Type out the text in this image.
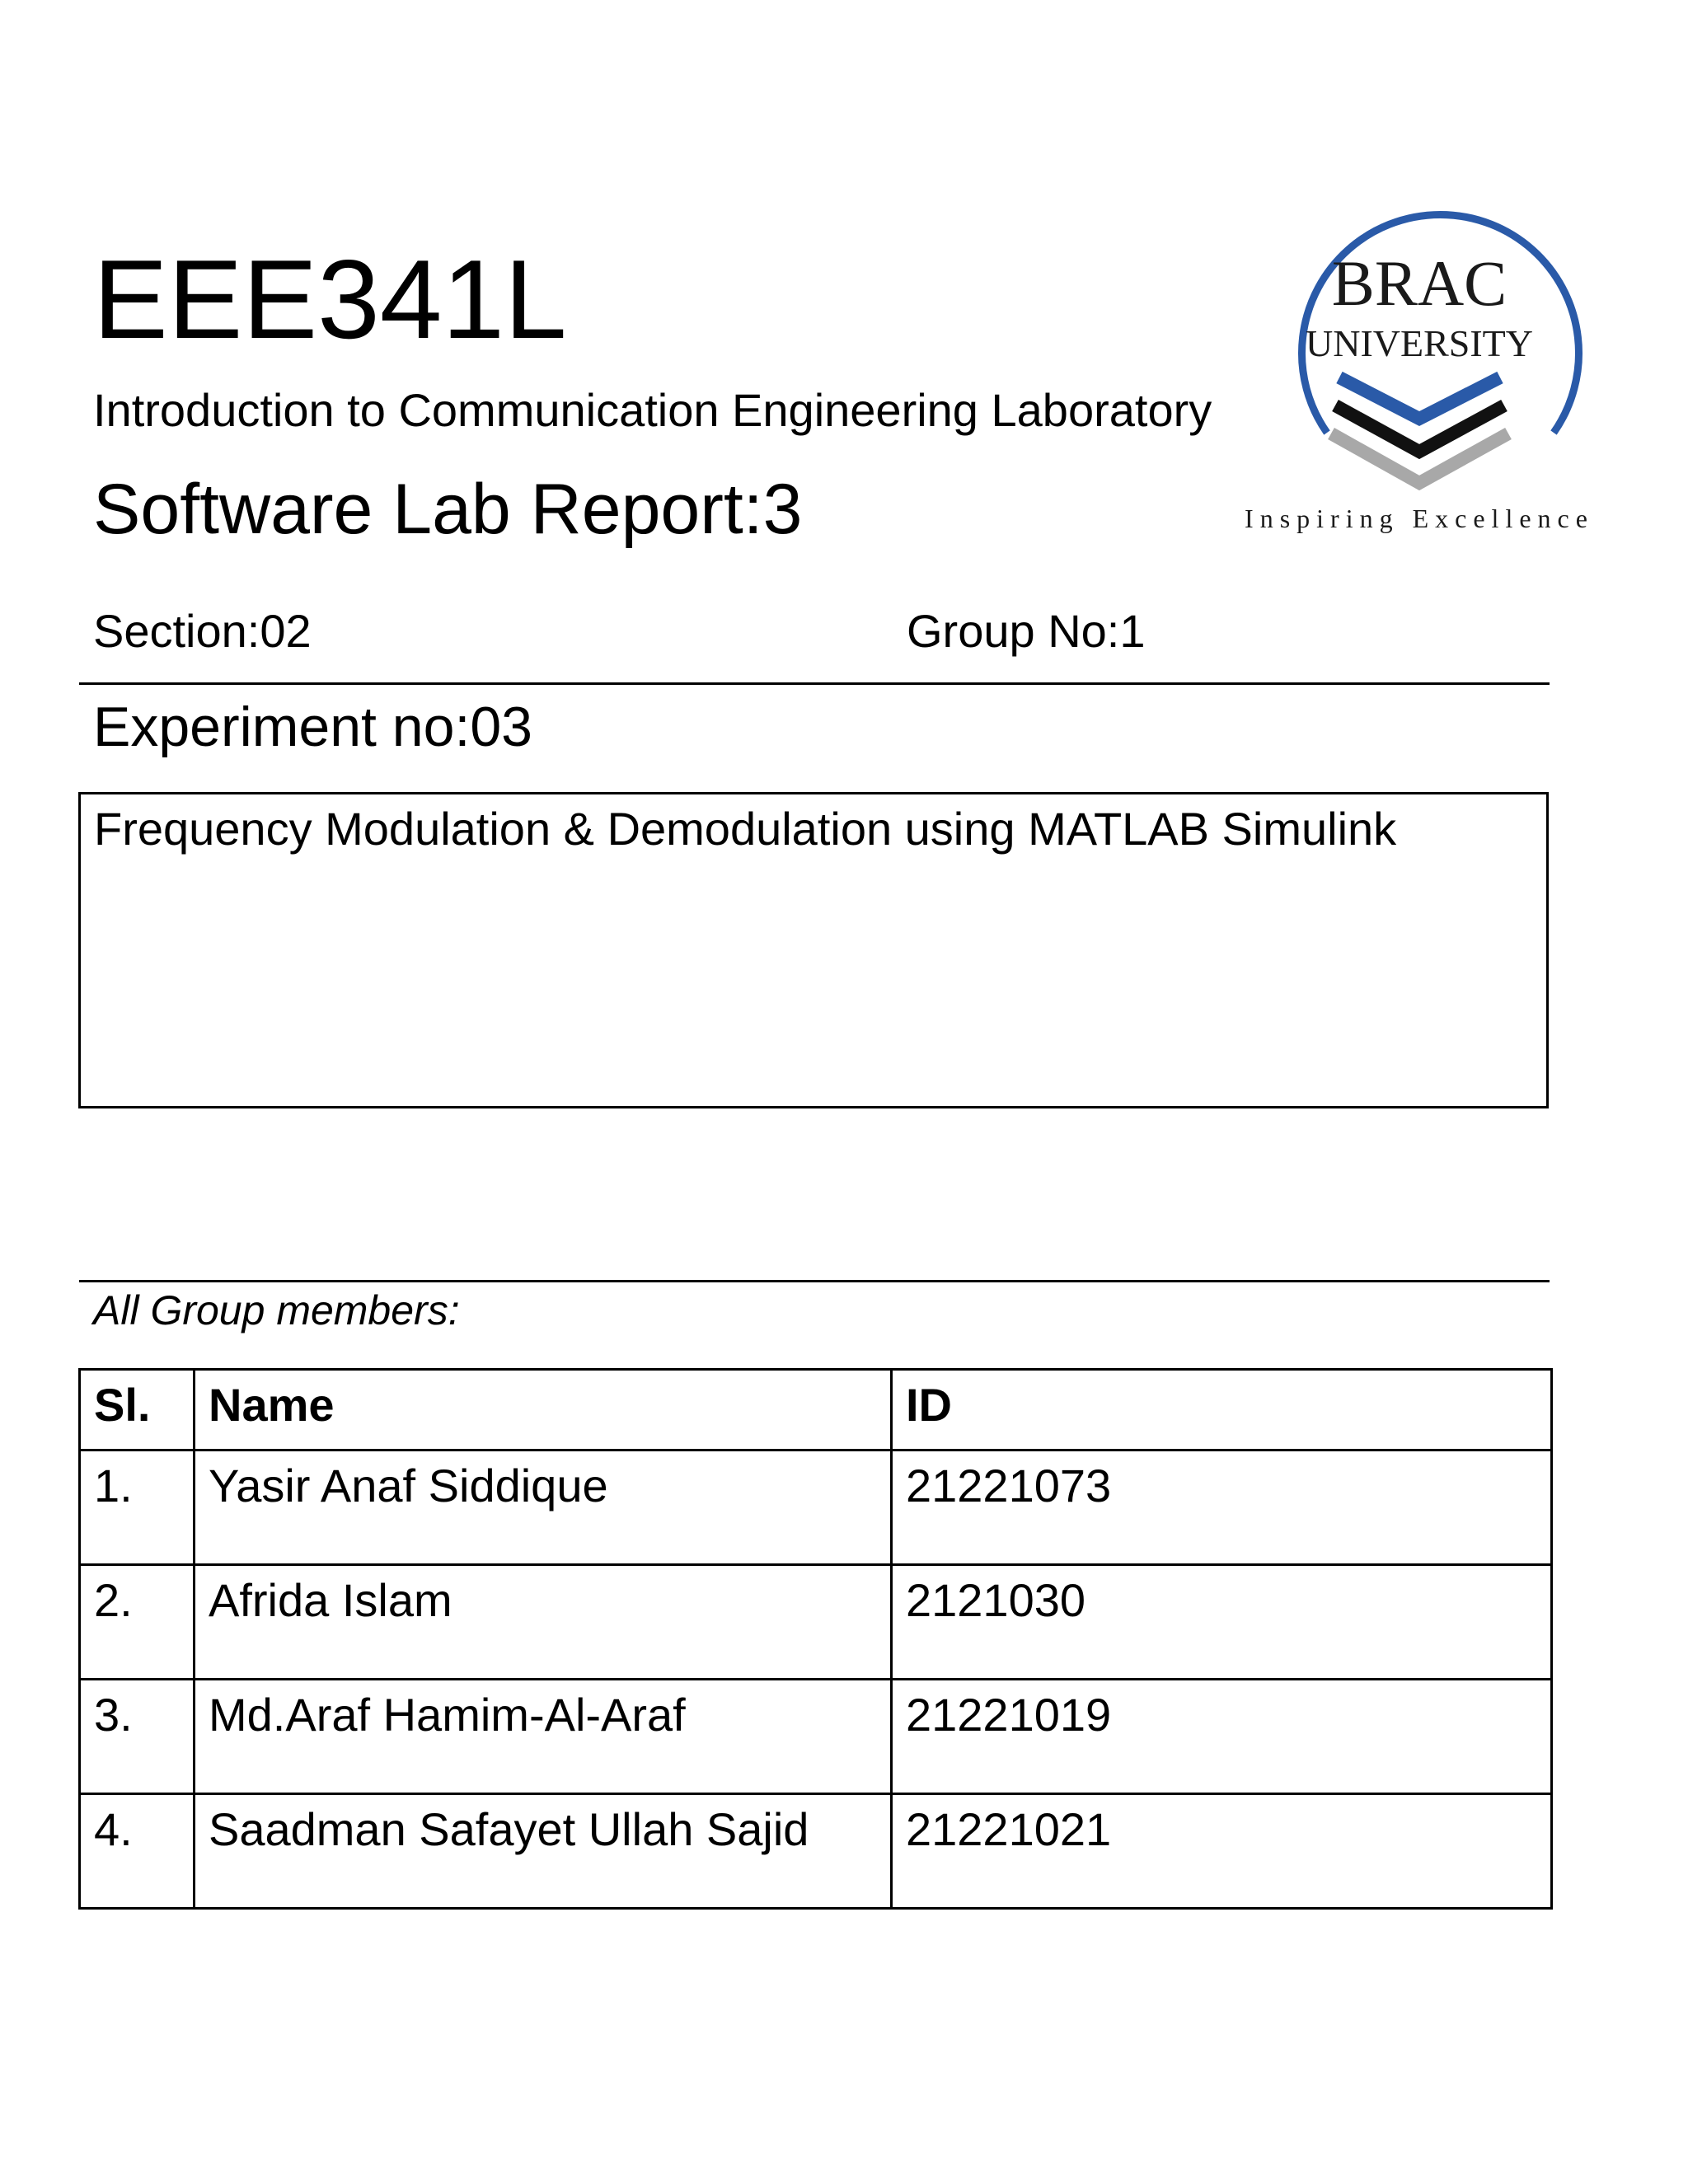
EEE341L
Introduction to Communication Engineering Laboratory
Software Lab Report:3
BRAC
UNIVERSITY
Inspiring Excellence
Section:02	Group No:1
Experiment no:03
Frequency Modulation & Demodulation using MATLAB Simulink
All Group members:
Sl.	Name	ID
1.	Yasir Anaf Siddique	21221073
2.	Afrida Islam	2121030
3.	Md.Araf Hamim-Al-Araf	21221019
4.	Saadman Safayet Ullah Sajid	21221021
